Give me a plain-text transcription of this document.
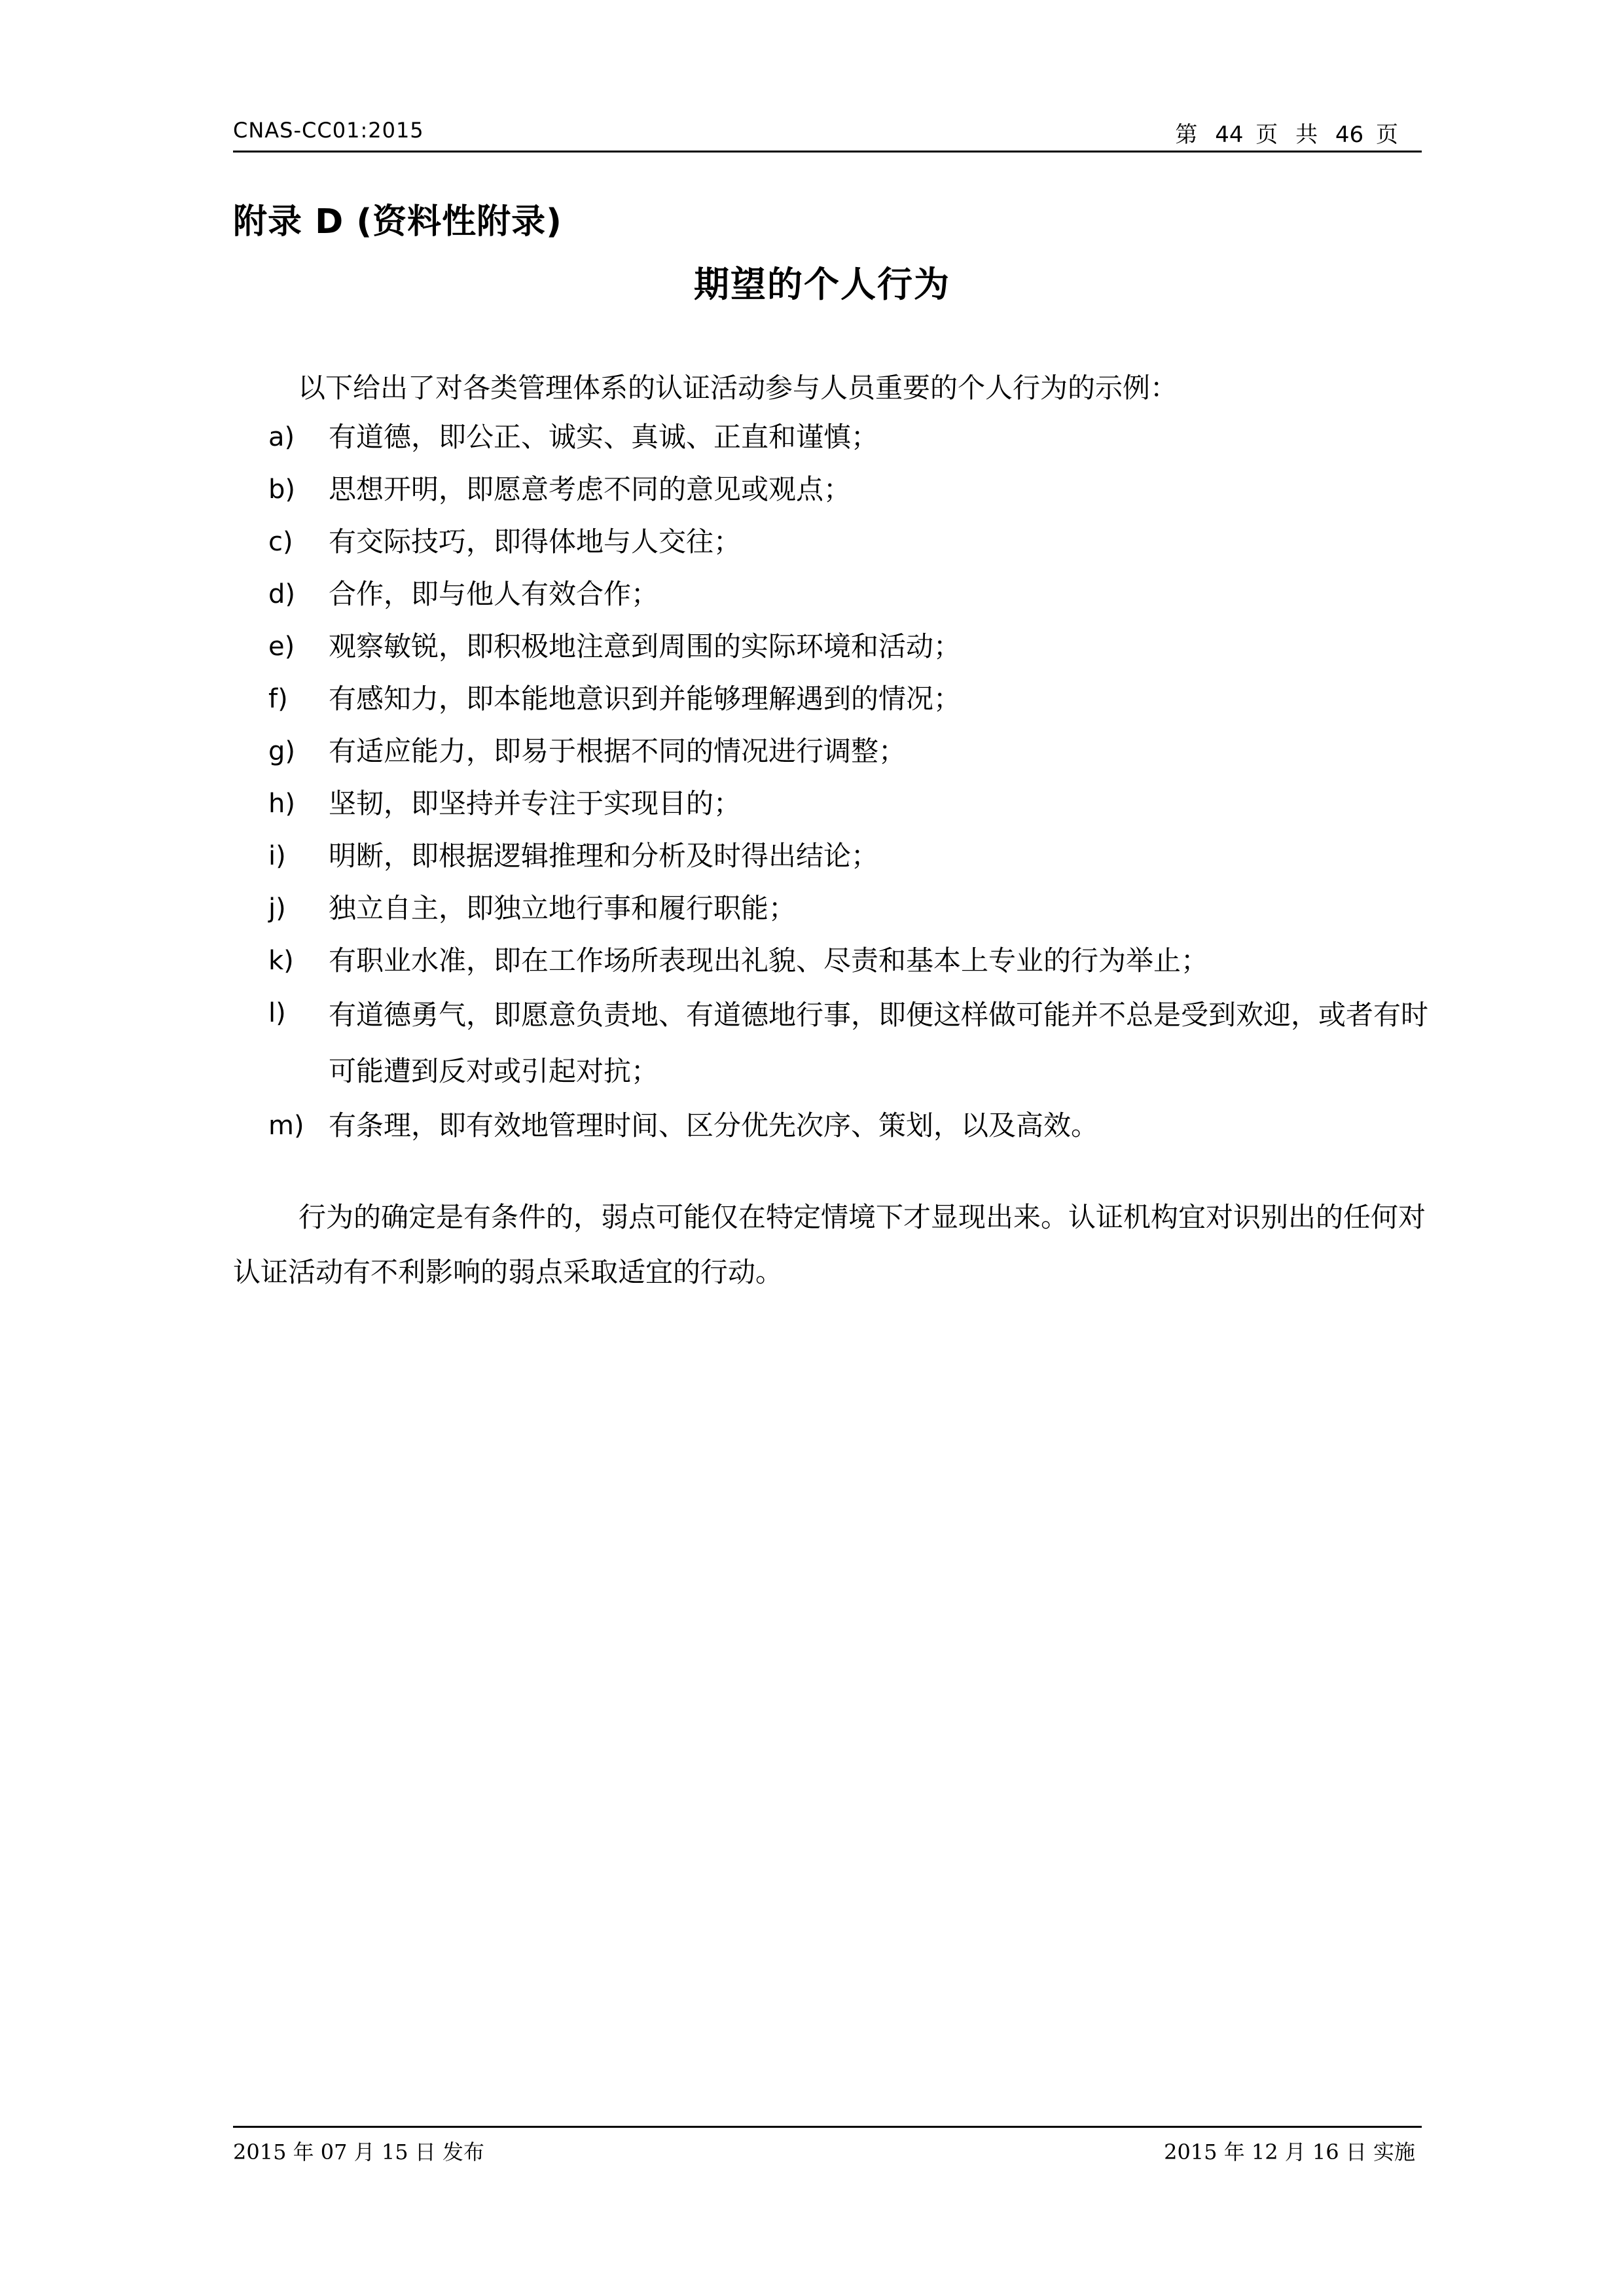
CNAS-CC01:2015	第 44 页 共 46 页
附录 D (资料性附录)
期望的个人行为
以下给出了对各类管理体系的认证活动参与人员重要的个人行为的示例：
a) 有道德，即公正、诚实、真诚、正直和谨慎；
b) 思想开明，即愿意考虑不同的意见或观点；
c) 有交际技巧，即得体地与人交往；
d) 合作，即与他人有效合作；
e) 观察敏锐，即积极地注意到周围的实际环境和活动；
f) 有感知力，即本能地意识到并能够理解遇到的情况；
g) 有适应能力，即易于根据不同的情况进行调整；
h) 坚韧，即坚持并专注于实现目的；
i) 明断，即根据逻辑推理和分析及时得出结论；
j) 独立自主，即独立地行事和履行职能；
k) 有职业水准，即在工作场所表现出礼貌、尽责和基本上专业的行为举止；
l) 有道德勇气，即愿意负责地、有道德地行事，即便这样做可能并不总是受到欢迎，或者有时可能遭到反对或引起对抗；
m) 有条理，即有效地管理时间、区分优先次序、策划，以及高效。
行为的确定是有条件的，弱点可能仅在特定情境下才显现出来。认证机构宜对识别出的任何对认证活动有不利影响的弱点采取适宜的行动。
2015 年 07 月 15 日 发布	2015 年 12 月 16 日 实施
